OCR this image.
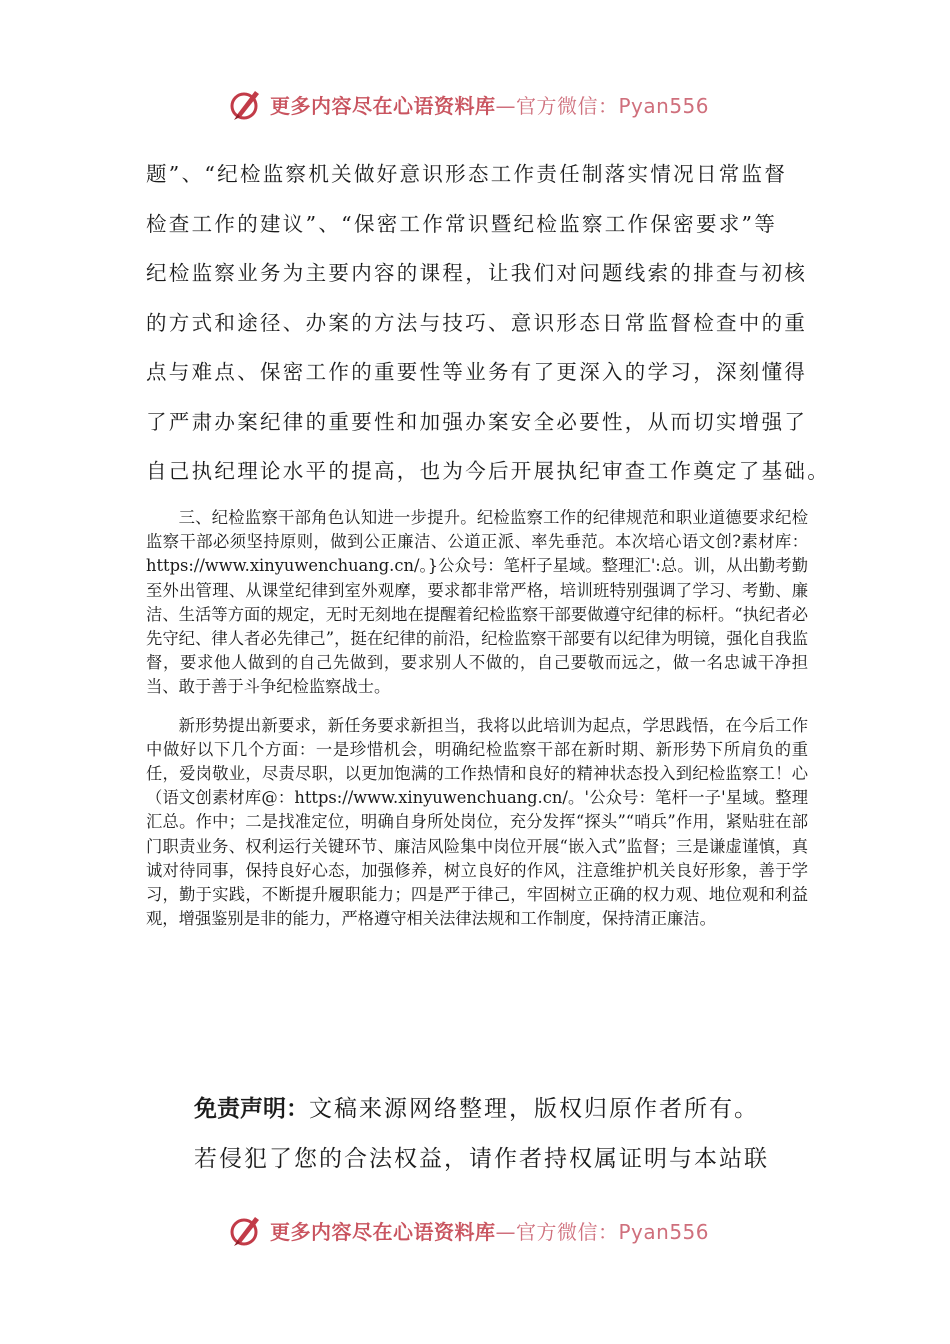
更多内容尽在心语资料库—官方微信：Pyan556

题”、“纪检监察机关做好意识形态工作责任制落实情况日常监督

检查工作的建议”、“保密工作常识暨纪检监察工作保密要求”等

纪检监察业务为主要内容的课程，让我们对问题线索的排查与初核

的方式和途径、办案的方法与技巧、意识形态日常监督检查中的重

点与难点、保密工作的重要性等业务有了更深入的学习，深刻懂得

了严肃办案纪律的重要性和加强办案安全必要性，从而切实增强了

自己执纪理论水平的提高，也为今后开展执纪审查工作奠定了基础。

三、纪检监察干部角色认知进一步提升。纪检监察工作的纪律规范和职业道德要求纪检监察干部必须坚持原则，做到公正廉洁、公道正派、率先垂范。本次培心语文创?素材库：https://www.xinyuwenchuang.cn/。}公众号：笔杆子星域。整理汇':总。训，从出勤考勤至外出管理、从课堂纪律到室外观摩，要求都非常严格，培训班特别强调了学习、考勤、廉洁、生活等方面的规定，无时无刻地在提醒着纪检监察干部要做遵守纪律的标杆。“执纪者必先守纪、律人者必先律己”，挺在纪律的前沿，纪检监察干部要有以纪律为明镜，强化自我监督，要求他人做到的自己先做到，要求别人不做的，自己要敬而远之，做一名忠诚干净担当、敢于善于斗争纪检监察战士。

新形势提出新要求，新任务要求新担当，我将以此培训为起点，学思践悟，在今后工作中做好以下几个方面：一是珍惜机会，明确纪检监察干部在新时期、新形势下所肩负的重任，爱岗敬业，尽责尽职，以更加饱满的工作热情和良好的精神状态投入到纪检监察工！心（语文创素材库@：https://www.xinyuwenchuang.cn/。'公众号：笔杆一子'星域。整理汇总。作中；二是找准定位，明确自身所处岗位，充分发挥“探头”“哨兵”作用，紧贴驻在部门职责业务、权利运行关键环节、廉洁风险集中岗位开展“嵌入式”监督；三是谦虚谨慎，真诚对待同事，保持良好心态，加强修养，树立良好的作风，注意维护机关良好形象，善于学习，勤于实践，不断提升履职能力；四是严于律己，牢固树立正确的权力观、地位观和利益观，增强鉴别是非的能力，严格遵守相关法律法规和工作制度，保持清正廉洁。

免责声明：文稿来源网络整理，版权归原作者所有。

若侵犯了您的合法权益，请作者持权属证明与本站联

更多内容尽在心语资料库—官方微信：Pyan556
